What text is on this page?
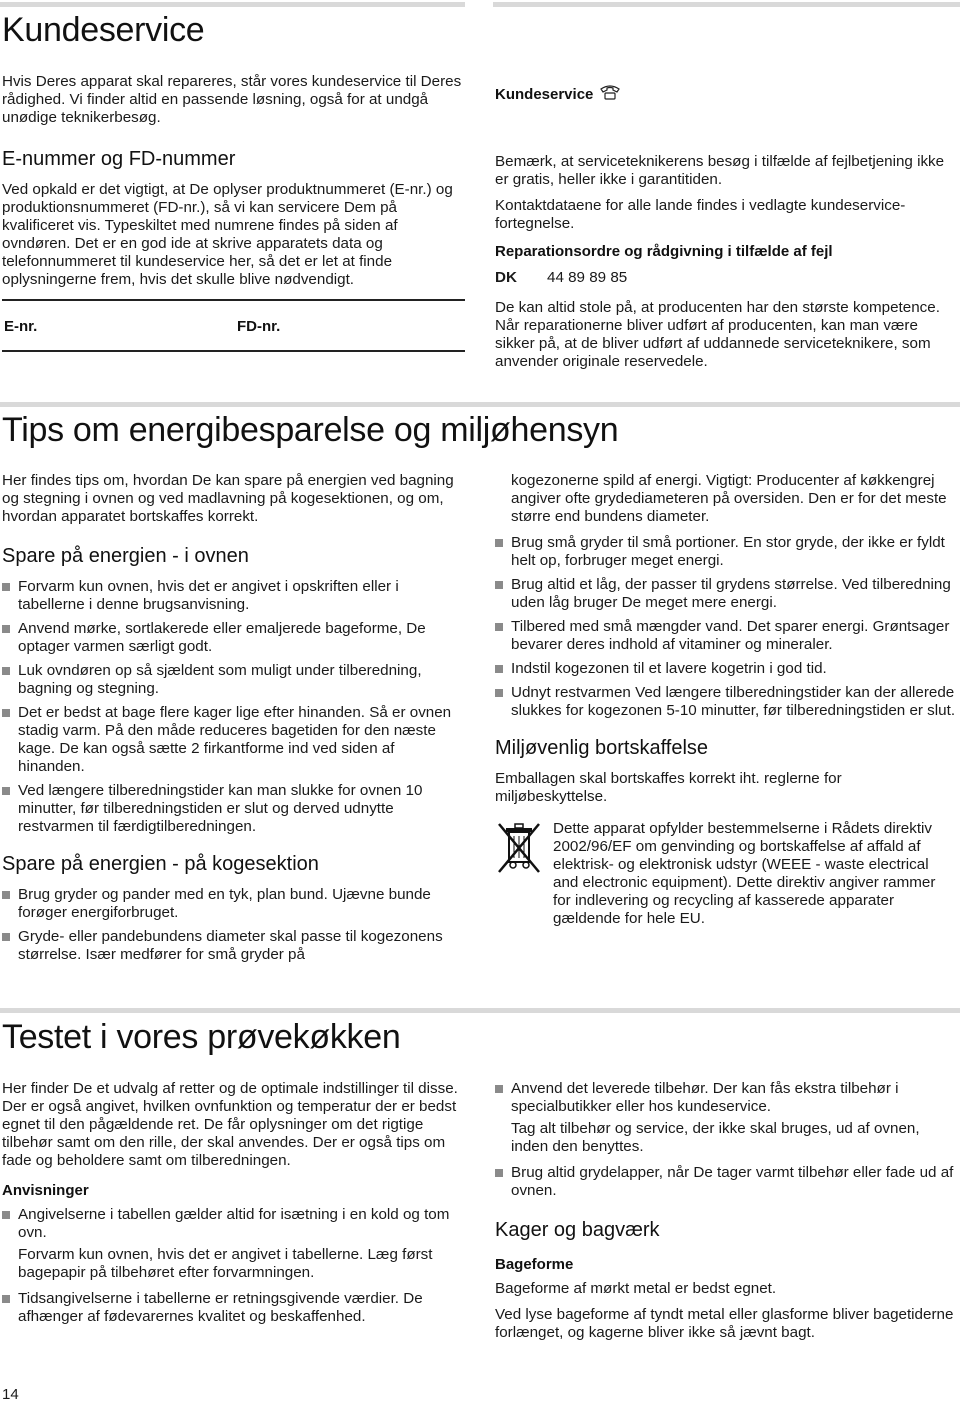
Kundeservice

Hvis Deres apparat skal repareres, står vores kundeservice til Deres rådighed. Vi finder altid en passende løsning, også for at undgå unødige teknikerbesøg.

E-nummer og FD-nummer

Ved opkald er det vigtigt, at De oplyser produktnummeret (E-nr.) og produktionsnummeret (FD-nr.), så vi kan servicere Dem på kvalificeret vis. Typeskiltet med numrene findes på siden af ovndøren. Det er en god ide at skrive apparatets data og telefonnummeret til kundeservice her, så det er let at finde oplysningerne frem, hvis det skulle blive nødvendigt.

E-nr.	FD-nr.
Kundeservice

Bemærk, at serviceteknikerens besøg i tilfælde af fejlbetjening ikke er gratis, heller ikke i garantitiden.

Kontaktdataene for alle lande findes i vedlagte kundeservice-fortegnelse.

Reparationsordre og rådgivning i tilfælde af fejl
DK	44 89 89 85

De kan altid stole på, at producenten har den største kompetence. Når reparationerne bliver udført af producenten, kan man være sikker på, at de bliver udført af uddannede serviceteknikere, som anvender originale reservedele.

Tips om energibesparelse og miljøhensyn

Her findes tips om, hvordan De kan spare på energien ved bagning og stegning i ovnen og ved madlavning på kogesektionen, og om, hvordan apparatet bortskaffes korrekt.

Spare på energien - i ovnen
Forvarm kun ovnen, hvis det er angivet i opskriften eller i tabellerne i denne brugsanvisning.
Anvend mørke, sortlakerede eller emaljerede bageforme, De optager varmen særligt godt.
Luk ovndøren op så sjældent som muligt under tilberedning, bagning og stegning.
Det er bedst at bage flere kager lige efter hinanden. Så er ovnen stadig varm. På den måde reduceres bagetiden for den næste kage. De kan også sætte 2 firkantforme ind ved siden af hinanden.
Ved længere tilberedningstider kan man slukke for ovnen 10 minutter, før tilberedningstiden er slut og derved udnytte restvarmen til færdigtilberedningen.
Spare på energien - på kogesektion
Brug gryder og pander med en tyk, plan bund. Ujævne bunde forøger energiforbruget.
Gryde- eller pandebundens diameter skal passe til kogezonens størrelse. Især medfører for små gryder på

kogezonerne spild af energi. Vigtigt: Producenter af køkkengrej angiver ofte grydediameteren på oversiden. Den er for det meste større end bundens diameter.

Brug små gryder til små portioner. En stor gryde, der ikke er fyldt helt op, forbruger meget energi.
Brug altid et låg, der passer til grydens størrelse. Ved tilberedning uden låg bruger De meget mere energi.
Tilbered med små mængder vand. Det sparer energi. Grøntsager bevarer deres indhold af vitaminer og mineraler.
Indstil kogezonen til et lavere kogetrin i god tid.
Udnyt restvarmen Ved længere tilberedningstider kan der allerede slukkes for kogezonen 5-10 minutter, før tilberedningstiden er slut.
Miljøvenlig bortskaffelse

Emballagen skal bortskaffes korrekt iht. reglerne for miljøbeskyttelse.

Dette apparat opfylder bestemmelserne i Rådets direktiv 2002/96/EF om genvinding og bortskaffelse af affald af elektrisk- og elektronisk udstyr (WEEE - waste electrical and electronic equipment). Dette direktiv angiver rammer for indlevering og recycling af kasserede apparater gældende for hele EU.

Testet i vores prøvekøkken

Her finder De et udvalg af retter og de optimale indstillinger til disse. Der er også angivet, hvilken ovnfunktion og temperatur der er bedst egnet til den pågældende ret. De får oplysninger om det rigtige tilbehør samt om den rille, der skal anvendes. Der er også tips om fade og beholdere samt om tilberedningen.

Anvisninger
Angivelserne i tabellen gælder altid for isætning i en kold og tom ovn.

Forvarm kun ovnen, hvis det er angivet i tabellerne. Læg først bagepapir på tilbehøret efter forvarmningen.

Tidsangivelserne i tabellerne er retningsgivende værdier. De afhænger af fødevarernes kvalitet og beskaffenhed.
Anvend det leverede tilbehør. Der kan fås ekstra tilbehør i specialbutikker eller hos kundeservice.

Tag alt tilbehør og service, der ikke skal bruges, ud af ovnen, inden den benyttes.

Brug altid grydelapper, når De tager varmt tilbehør eller fade ud af ovnen.
Kager og bagværk
Bageforme

Bageforme af mørkt metal er bedst egnet.

Ved lyse bageforme af tyndt metal eller glasforme bliver bagetiderne forlænget, og kagerne bliver ikke så jævnt bagt.

14
